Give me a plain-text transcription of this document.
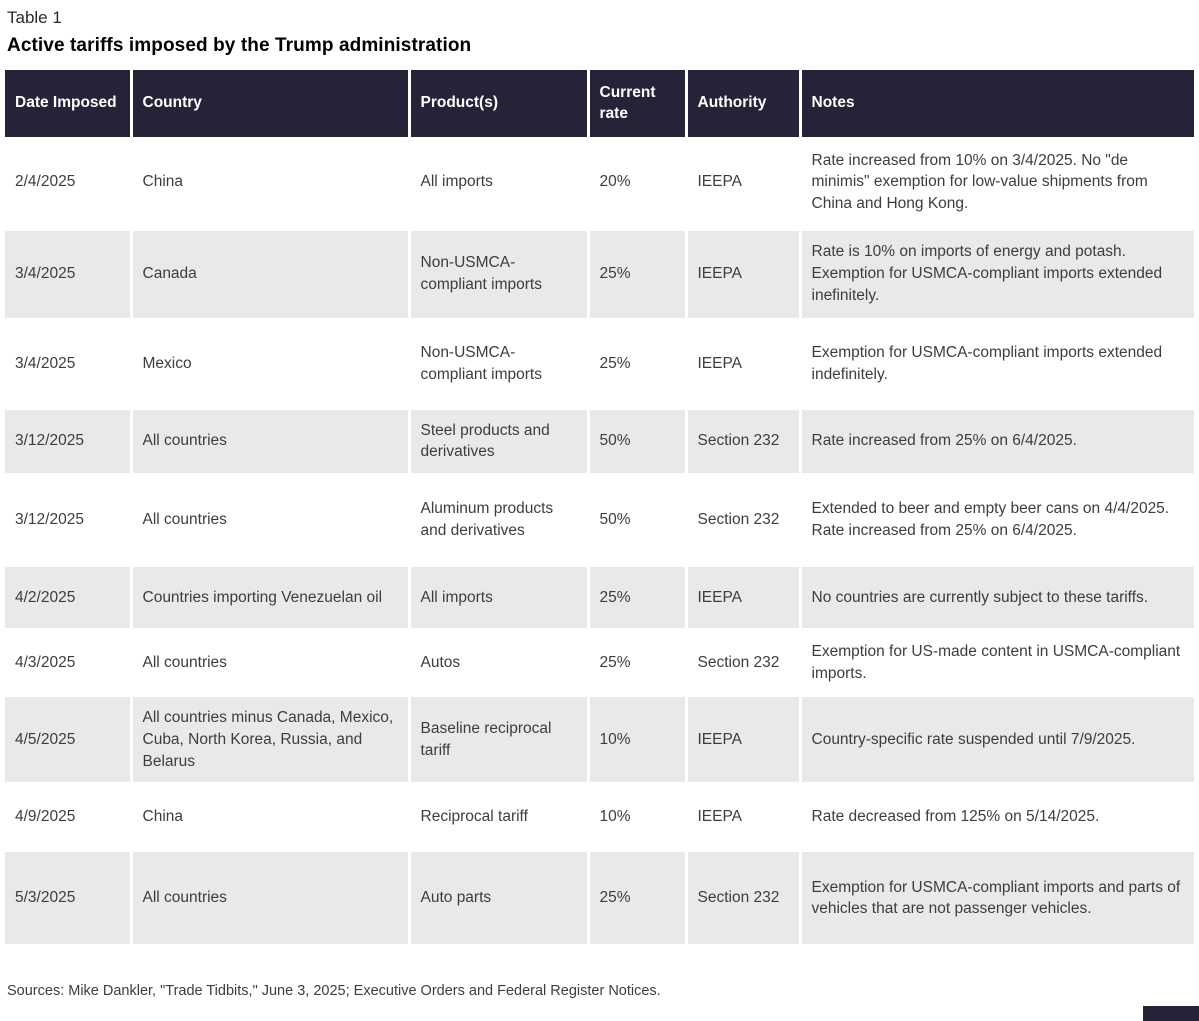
Table 1
Active tariffs imposed by the Trump administration
Date Imposed	Country	Product(s)	Current rate	Authority	Notes
2/4/2025	China	All imports	20%	IEEPA	Rate increased from 10% on 3/4/2025. No "de minimis" exemption for low-value shipments from China and Hong Kong.
3/4/2025	Canada	Non-USMCA-compliant imports	25%	IEEPA	Rate is 10% on imports of energy and potash. Exemption for USMCA-compliant imports extended inefinitely.
3/4/2025	Mexico	Non-USMCA-compliant imports	25%	IEEPA	Exemption for USMCA-compliant imports extended indefinitely.
3/12/2025	All countries	Steel products and derivatives	50%	Section 232	Rate increased from 25% on 6/4/2025.
3/12/2025	All countries	Aluminum products and derivatives	50%	Section 232	Extended to beer and empty beer cans on 4/4/2025. Rate increased from 25% on 6/4/2025.
4/2/2025	Countries importing Venezuelan oil	All imports	25%	IEEPA	No countries are currently subject to these tariffs.
4/3/2025	All countries	Autos	25%	Section 232	Exemption for US-made content in USMCA-compliant imports.
4/5/2025	All countries minus Canada, Mexico, Cuba, North Korea, Russia, and Belarus	Baseline reciprocal tariff	10%	IEEPA	Country-specific rate suspended until 7/9/2025.
4/9/2025	China	Reciprocal tariff	10%	IEEPA	Rate decreased from 125% on 5/14/2025.
5/3/2025	All countries	Auto parts	25%	Section 232	Exemption for USMCA-compliant imports and parts of vehicles that are not passenger vehicles.
Sources: Mike Dankler, "Trade Tidbits," June 3, 2025; Executive Orders and Federal Register Notices.
